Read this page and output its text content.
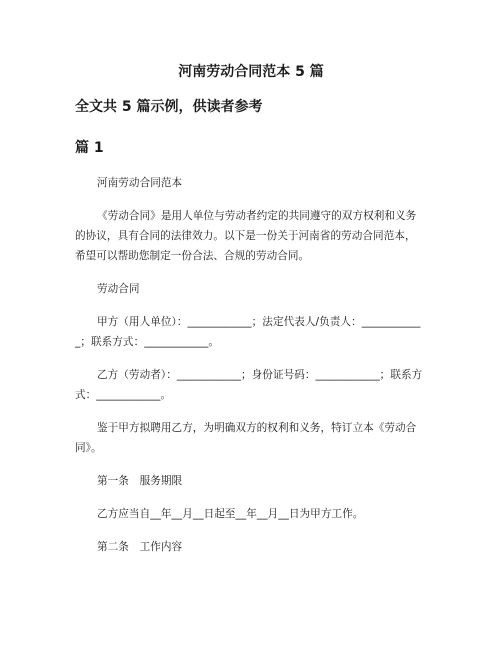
河南劳动合同范本 5 篇
全文共 5 篇示例，供读者参考
篇 1

河南劳动合同范本

《劳动合同》是用人单位与劳动者约定的共同遵守的双方权利和义务的协议，具有合同的法律效力。以下是一份关于河南省的劳动合同范本，希望可以帮助您制定一份合法、合规的劳动合同。

劳动合同

甲方（用人单位）：____________；法定代表人/负责人：____________；联系方式：____________。

乙方（劳动者）：____________；身份证号码：____________；联系方式：____________。

鉴于甲方拟聘用乙方，为明确双方的权利和义务，特订立本《劳动合同》。

第一条　服务期限

乙方应当自__年__月__日起至__年__月__日为甲方工作。

第二条　工作内容
